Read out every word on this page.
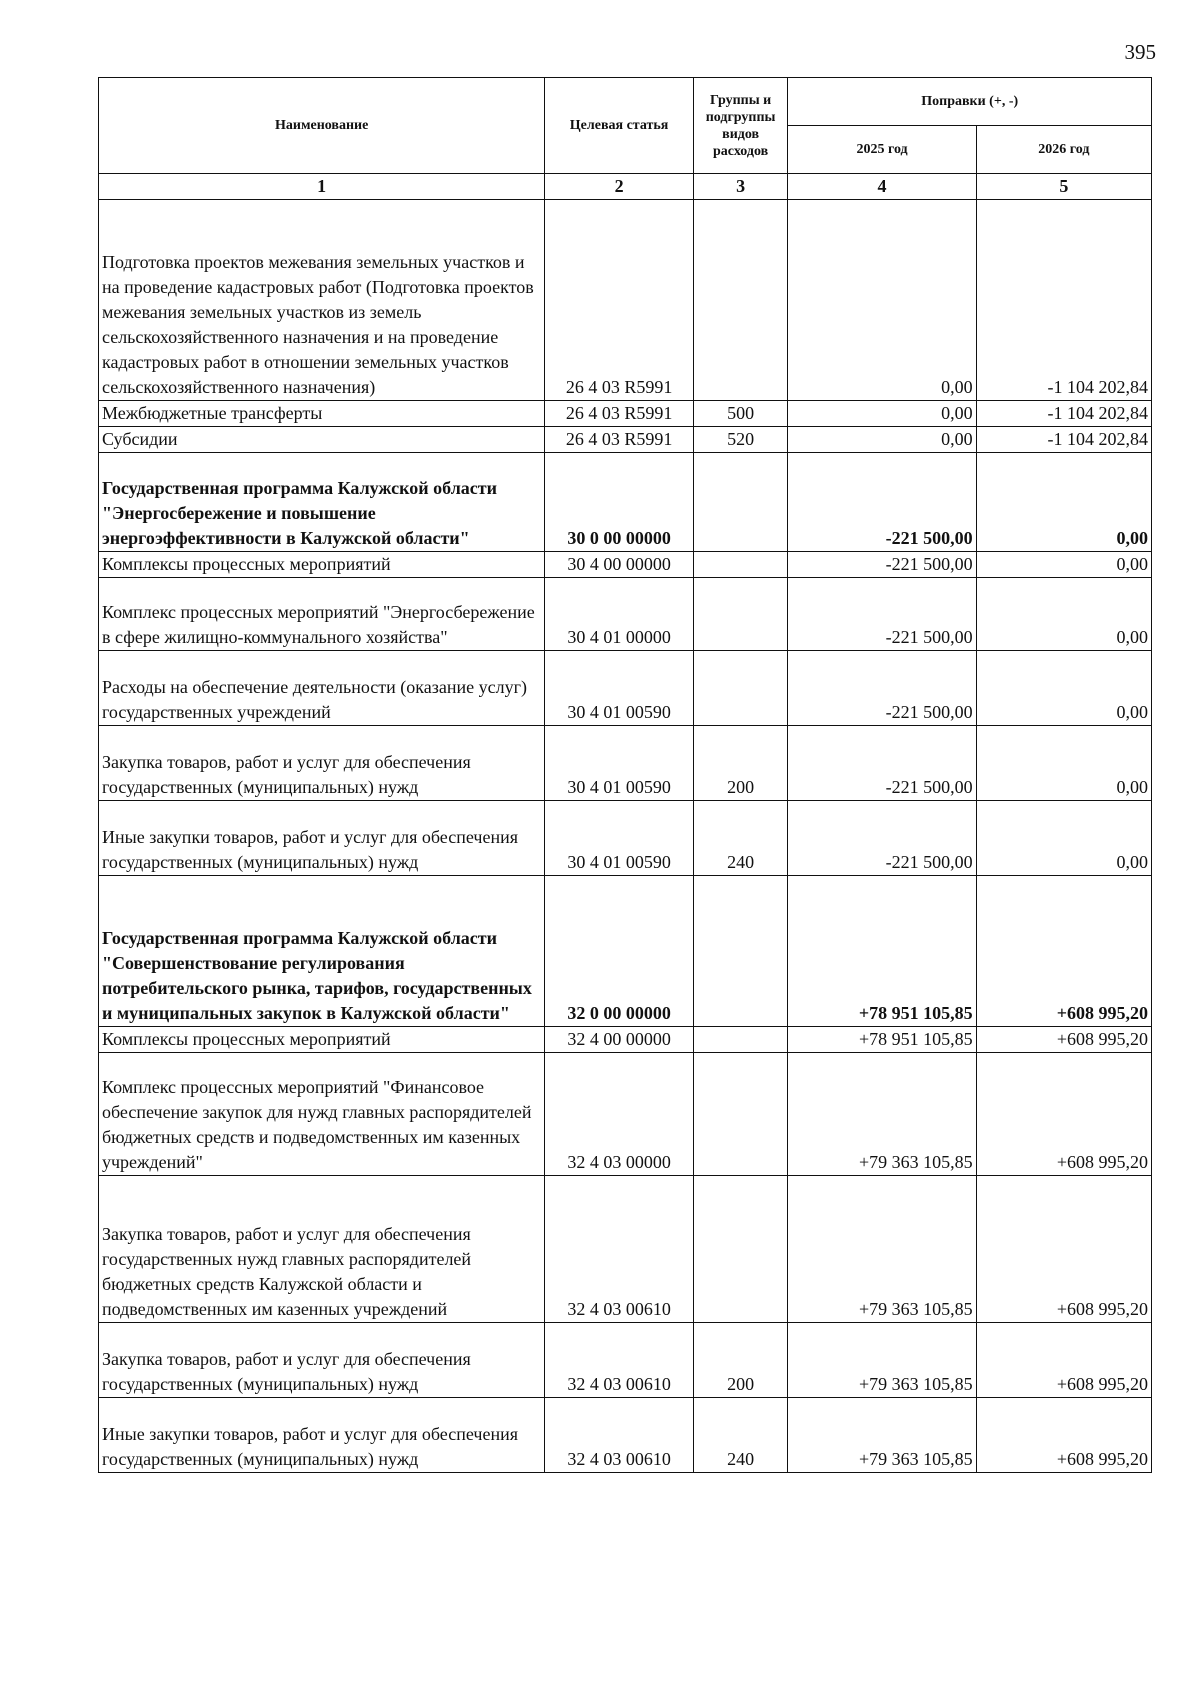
395
Наименование	Целевая статья	Группы и подгруппы видов расходов	Поправки (+, -)	
			2025 год	2026 год
1	2	3	4	5
Подготовка проектов межевания земельных участков и на проведение кадастровых работ (Подготовка проектов межевания земельных участков из земель сельскохозяйственного назначения и на проведение кадастровых работ в отношении земельных участков сельскохозяйственного назначения)	26 4 03 R5991		0,00	-1 104 202,84
Межбюджетные трансферты	26 4 03 R5991	500	0,00	-1 104 202,84
Субсидии	26 4 03 R5991	520	0,00	-1 104 202,84
Государственная программа Калужской области "Энергосбережение и повышение энергоэффективности в Калужской области"	30 0 00 00000		-221 500,00	0,00
Комплексы процессных мероприятий	30 4 00 00000		-221 500,00	0,00
Комплекс процессных мероприятий "Энергосбережение в сфере жилищно-коммунального хозяйства"	30 4 01 00000		-221 500,00	0,00
Расходы на обеспечение деятельности (оказание услуг) государственных учреждений	30 4 01 00590		-221 500,00	0,00
Закупка товаров, работ и услуг для обеспечения государственных (муниципальных) нужд	30 4 01 00590	200	-221 500,00	0,00
Иные закупки товаров, работ и услуг для обеспечения государственных (муниципальных) нужд	30 4 01 00590	240	-221 500,00	0,00
Государственная программа Калужской области "Совершенствование регулирования потребительского рынка, тарифов, государственных и муниципальных закупок в Калужской области"	32 0 00 00000		+78 951 105,85	+608 995,20
Комплексы процессных мероприятий	32 4 00 00000		+78 951 105,85	+608 995,20
Комплекс процессных мероприятий "Финансовое обеспечение закупок для нужд главных распорядителей бюджетных средств и подведомственных им казенных учреждений"	32 4 03 00000		+79 363 105,85	+608 995,20
Закупка товаров, работ и услуг для обеспечения государственных нужд главных распорядителей бюджетных средств Калужской области и подведомственных им казенных учреждений	32 4 03 00610		+79 363 105,85	+608 995,20
Закупка товаров, работ и услуг для обеспечения государственных (муниципальных) нужд	32 4 03 00610	200	+79 363 105,85	+608 995,20
Иные закупки товаров, работ и услуг для обеспечения государственных (муниципальных) нужд	32 4 03 00610	240	+79 363 105,85	+608 995,20
